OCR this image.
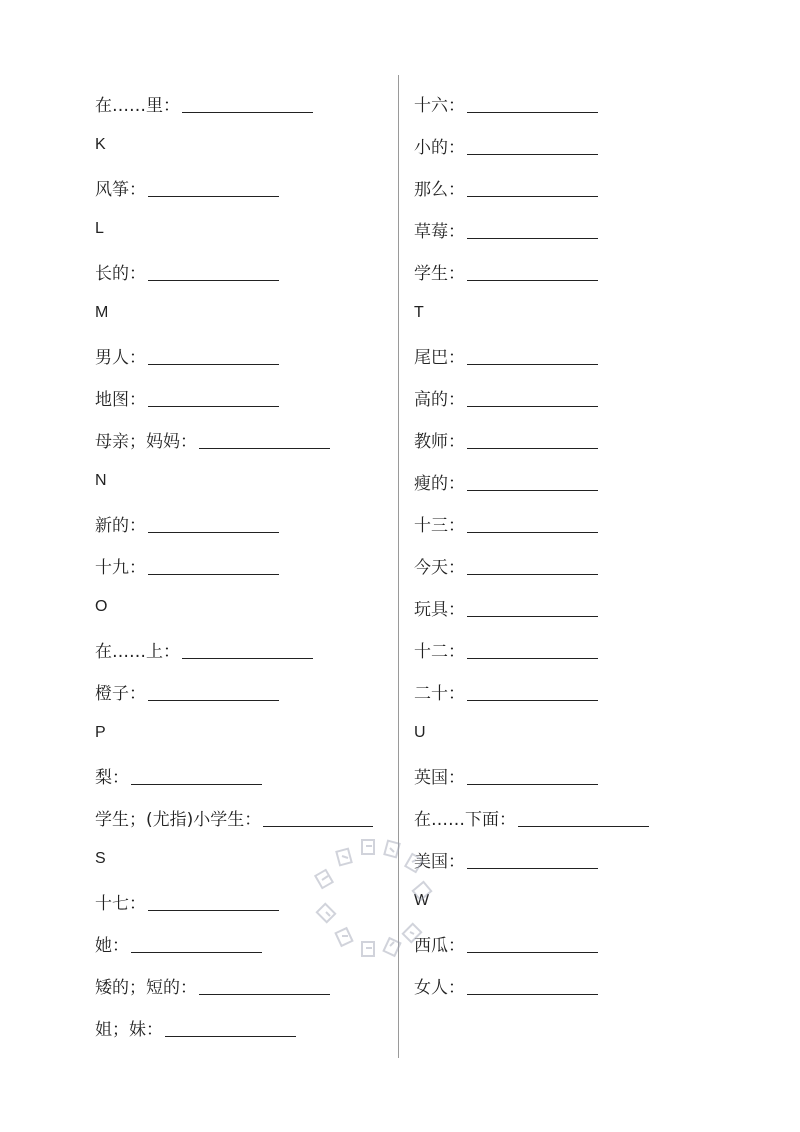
在……里：
K
风筝：
L
长的：
M
男人：
地图：
母亲；妈妈：
N
新的：
十九：
O
在……上：
橙子：
P
梨：
学生；(尤指)小学生：
S
十七：
她：
矮的；短的：
姐；妹：
十六：
小的：
那么：
草莓：
学生：
T
尾巴：
高的：
教师：
瘦的：
十三：
今天：
玩具：
十二：
二十：
U
英国：
在……下面：
美国：
W
西瓜：
女人：
